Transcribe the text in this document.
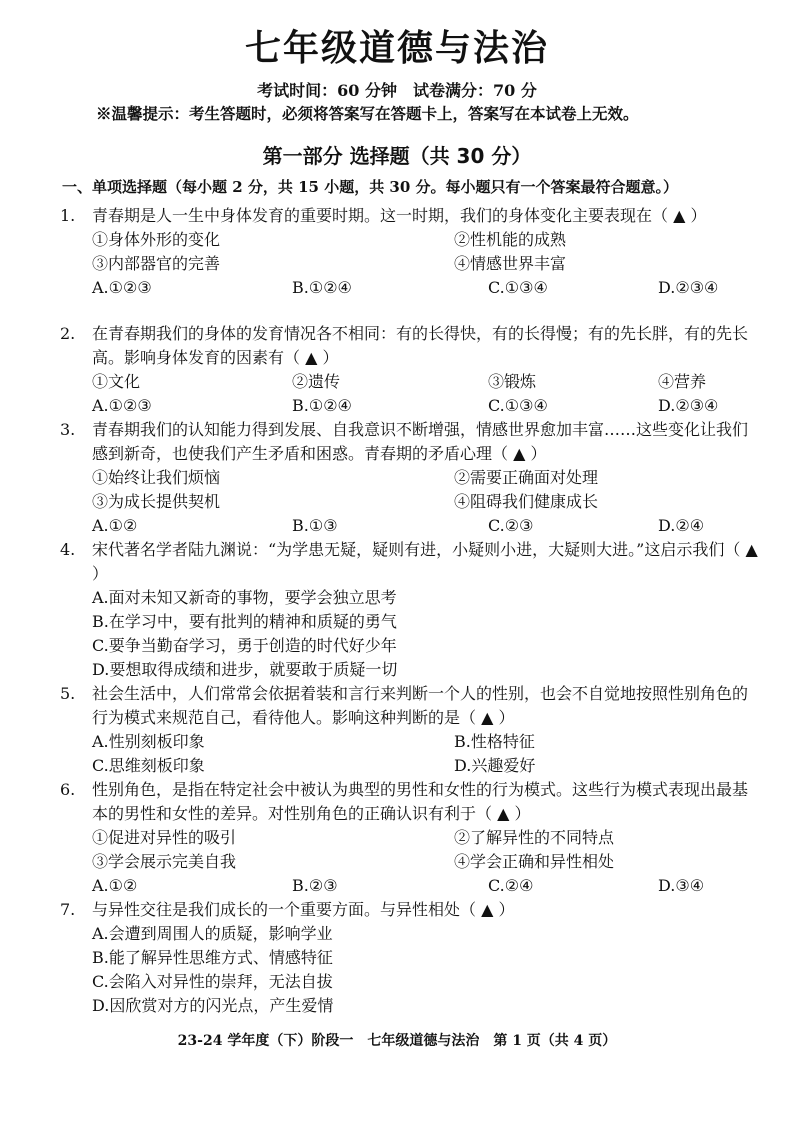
七年级道德与法治
考试时间：60 分钟　试卷满分：70 分
※温馨提示：考生答题时，必须将答案写在答题卡上，答案写在本试卷上无效。
第一部分 选择题（共 30 分）
一、单项选择题（每小题 2 分，共 15 小题，共 30 分。每小题只有一个答案最符合题意。）
1.	青春期是人一生中身体发育的重要时期。这一时期，我们的身体变化主要表现在（ ▲ ）
①身体外形的变化	②性机能的成熟
③内部器官的完善	④情感世界丰富
A.①②③	B.①②④	C.①③④	D.②③④
2.	在青春期我们的身体的发育情况各不相同：有的长得快，有的长得慢；有的先长胖，有的先长高。影响身体发育的因素有（ ▲ ）
①文化	②遗传	③锻炼	④营养
A.①②③	B.①②④	C.①③④	D.②③④
3.	青春期我们的认知能力得到发展、自我意识不断增强，情感世界愈加丰富……这些变化让我们感到新奇，也使我们产生矛盾和困惑。青春期的矛盾心理（ ▲ ）
①始终让我们烦恼	②需要正确面对处理
③为成长提供契机	④阻碍我们健康成长
A.①②	B.①③	C.②③	D.②④
4.	宋代著名学者陆九渊说：“为学患无疑，疑则有进，小疑则小进，大疑则大进。”这启示我们（ ▲ ）
A.面对未知又新奇的事物，要学会独立思考
B.在学习中，要有批判的精神和质疑的勇气
C.要争当勤奋学习，勇于创造的时代好少年
D.要想取得成绩和进步，就要敢于质疑一切
5.	社会生活中，人们常常会依据着装和言行来判断一个人的性别，也会不自觉地按照性别角色的行为模式来规范自己，看待他人。影响这种判断的是（ ▲ ）
A.性别刻板印象	B.性格特征
C.思维刻板印象	D.兴趣爱好
6.	性别角色，是指在特定社会中被认为典型的男性和女性的行为模式。这些行为模式表现出最基本的男性和女性的差异。对性别角色的正确认识有利于（ ▲ ）
①促进对异性的吸引	②了解异性的不同特点
③学会展示完美自我	④学会正确和异性相处
A.①②	B.②③	C.②④	D.③④
7.	与异性交往是我们成长的一个重要方面。与异性相处（ ▲ ）
A.会遭到周围人的质疑，影响学业
B.能了解异性思维方式、情感特征
C.会陷入对异性的崇拜，无法自拔
D.因欣赏对方的闪光点，产生爱情
23-24 学年度（下）阶段一　七年级道德与法治　第 1 页（共 4 页）
